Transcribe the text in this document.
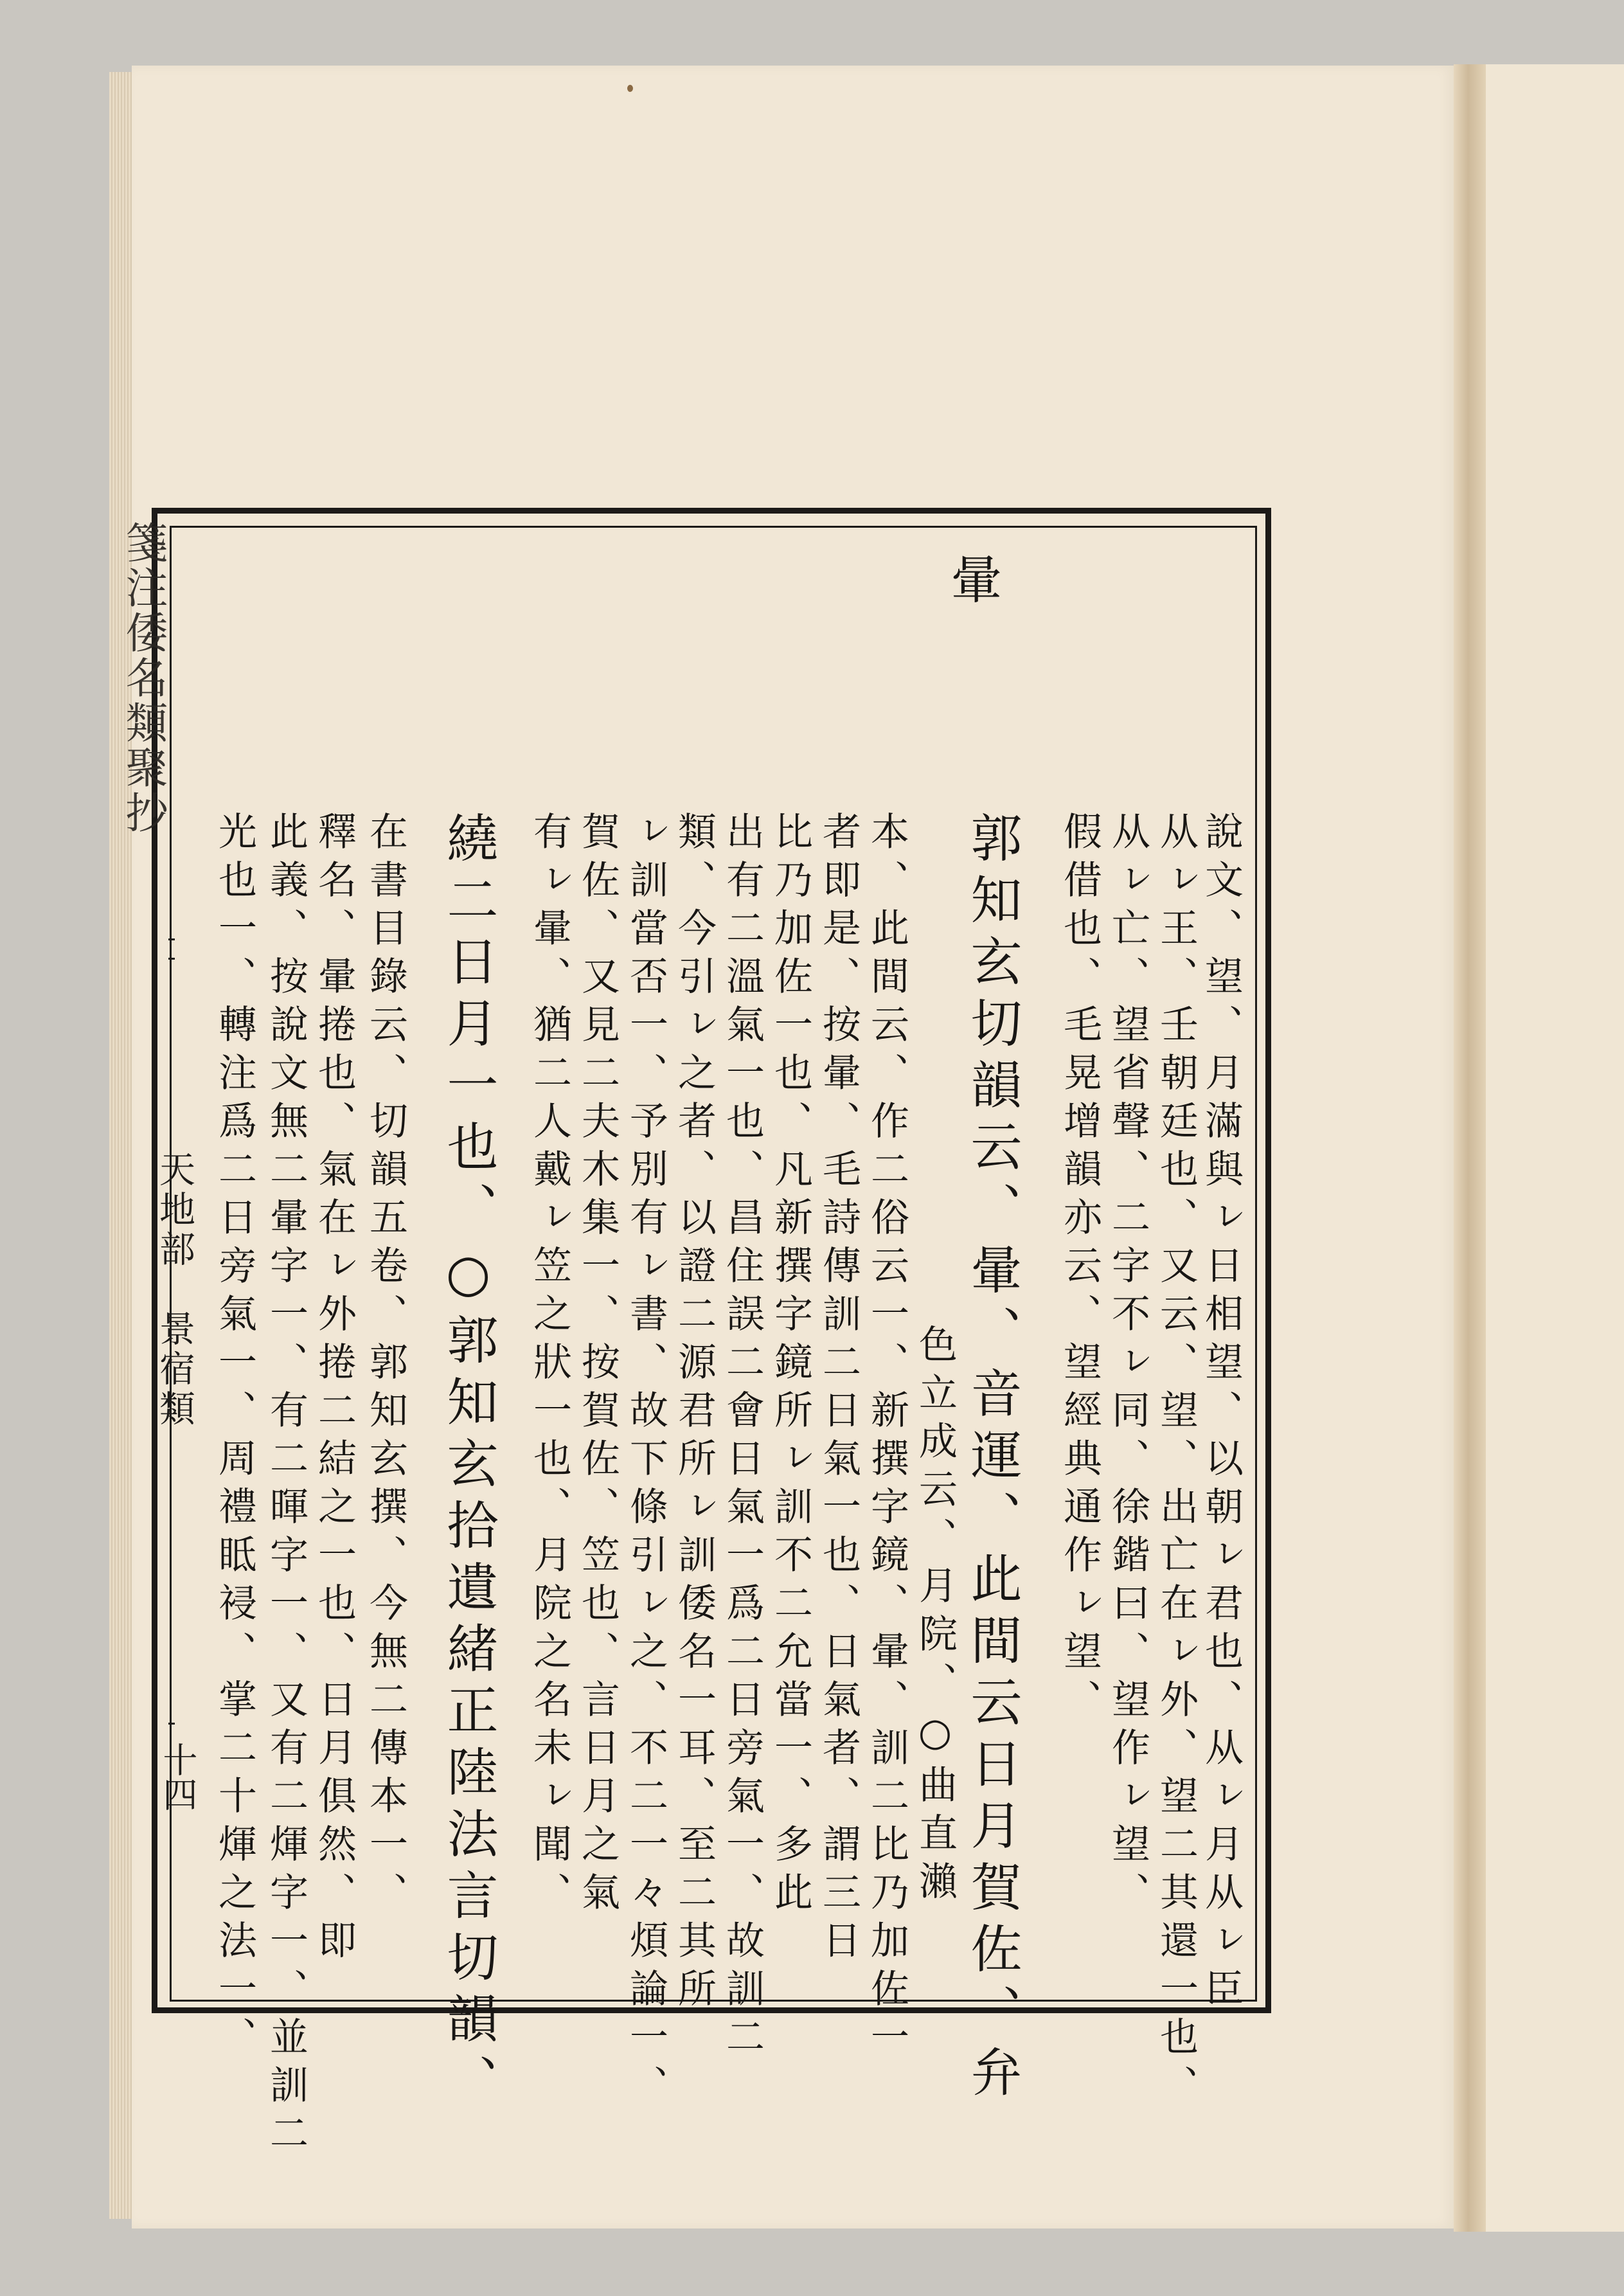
箋注倭名類聚抄
天地部　景宿類
十四
暈
說文、望、月滿與ㇾ日相望、以朝ㇾ君也、从ㇾ月从ㇾ臣
从ㇾ王、壬朝廷也、又云、望、出亡在ㇾ外、望二其還一也、
从ㇾ亡、望省聲、二字不ㇾ同、徐鍇曰、望作ㇾ望、
假借也、毛晃增韻亦云、望經典通作ㇾ望、
郭知玄切韻云、暈、音運、此間云日月賀佐、弁
色立成云、月院、○曲直瀨
本、此間云、作二俗云一、新撰字鏡、暈、訓二比乃加佐一
者即是、按暈、毛詩傳訓二日氣一也、日氣者、謂三日
比乃加佐一也、凡新撰字鏡所ㇾ訓不二允當一、多此
出有二溫氣一也、昌住誤二會日氣一爲二日旁氣一、故訓二
類、今引ㇾ之者、以證二源君所ㇾ訓倭名一耳、至二其所
ㇾ訓當否一、予別有ㇾ書、故下條引ㇾ之、不二一々煩論一、
賀佐、又見二夫木集一、按賀佐、笠也、言日月之氣
有ㇾ暈、猶二人戴ㇾ笠之狀一也、月院之名未ㇾ聞、
繞二日月一也、○郭知玄拾遺緒正陸法言切韻、
在書目錄云、切韻五卷、郭知玄撰、今無二傳本一、
釋名、暈捲也、氣在ㇾ外捲二結之一也、日月俱然、即
此義、按說文無二暈字一、有二暉字一、又有二煇字一、並訓二
光也一、轉注爲二日旁氣一、周禮眡祲、掌二十煇之法一、
